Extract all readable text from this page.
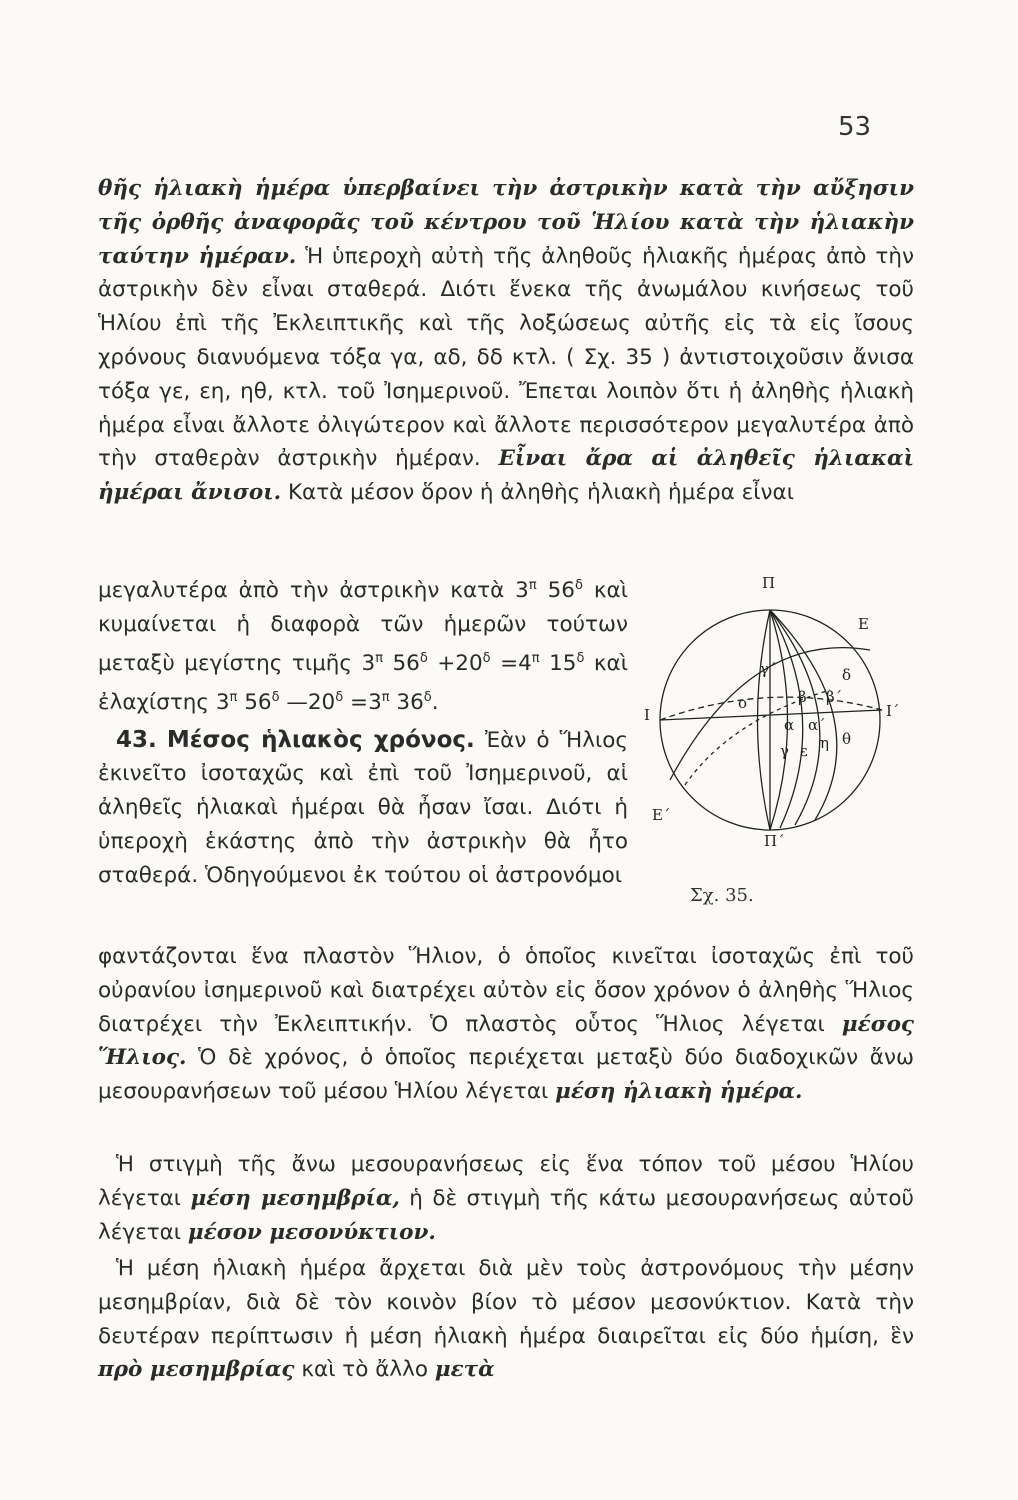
53

θῆς ἡλιακὴ ἡμέρα ὑπερβαίνει τὴν ἀστρικὴν κατὰ τὴν αὔξησιν τῆς ὀρθῆς ἀναφορᾶς τοῦ κέντρου τοῦ Ἡλίου κατὰ τὴν ἡλιακὴν ταύτην ἡμέραν. Ἡ ὑπεροχὴ αὐτὴ τῆς ἀληθοῦς ἡλιακῆς ἡμέρας ἀπὸ τὴν ἀστρικὴν δὲν εἶναι σταθερά. Διότι ἕνεκα τῆς ἀνωμάλου κινήσεως τοῦ Ἡλίου ἐπὶ τῆς Ἐκλειπτικῆς καὶ τῆς λοξώσεως αὐτῆς εἰς τὰ εἰς ἴσους χρόνους διανυόμενα τόξα γα, αδ, δδ κτλ. ( Σχ. 35 ) ἀντιστοιχοῦσιν ἄνισα τόξα γε, εη, ηθ, κτλ. τοῦ Ἰσημερινοῦ. Ἔπεται λοιπὸν ὅτι ἡ ἀληθὴς ἡλιακὴ ἡμέρα εἶναι ἄλλοτε ὀλιγώτερον καὶ ἄλλοτε περισσότερον μεγαλυτέρα ἀπὸ τὴν σταθερὰν ἀστρικὴν ἡμέραν. Εἶναι ἄρα αἱ ἀληθεῖς ἡλιακαὶ ἡμέραι ἄνισοι. Κατὰ μέσον ὅρον ἡ ἀληθὴς ἡλιακὴ ἡμέρα εἶναι

μεγαλυτέρα ἀπὸ τὴν ἀστρικὴν κατὰ $3^\pi$ $56^\delta$ καὶ κυμαίνεται ἡ διαφορὰ τῶν ἡμερῶν τούτων μεταξὺ μεγίστης τιμῆς $3^\pi$ $56^\delta +20^\delta =4^\pi$ $15^\delta$ καὶ ἐλαχίστης $3^\pi$ $56^\delta$ $—20^\delta =3^\pi$ $36^\delta$.

43. Μέσος ἡλιακὸς χρόνος. Ἐὰν ὁ Ἥλιος ἐκινεῖτο ἰσοταχῶς καὶ ἐπὶ τοῦ Ἰσημερινοῦ, αἱ ἀληθεῖς ἡλιακαὶ ἡμέραι θὰ ἦσαν ἴσαι. Διότι ἡ ὑπεροχὴ ἑκάστης ἀπὸ τὴν ἀστρικὴν θὰ ἦτο σταθερά. Ὁδηγούμενοι ἐκ τούτου οἱ ἀστρονόμοι

Π
Ε
Ι	Ι΄
γ΄
ο	β β΄
δ
α α΄
γ ε η θ
Ε΄
Π΄
Σχ. 35.

φαντάζονται ἕνα πλαστὸν Ἥλιον, ὁ ὁποῖος κινεῖται ἰσοταχῶς ἐπὶ τοῦ οὐρανίου ἰσημερινοῦ καὶ διατρέχει αὐτὸν εἰς ὅσον χρόνον ὁ ἀληθὴς Ἥλιος διατρέχει τὴν Ἐκλειπτικήν. Ὁ πλαστὸς οὗτος Ἥλιος λέγεται μέσος Ἥλιος. Ὁ δὲ χρόνος, ὁ ὁποῖος περιέχεται μεταξὺ δύο διαδοχικῶν ἄνω μεσουρανήσεων τοῦ μέσου Ἡλίου λέγεται μέση ἡλιακὴ ἡμέρα.

Ἡ στιγμὴ τῆς ἄνω μεσουρανήσεως εἰς ἕνα τόπον τοῦ μέσου Ἡλίου λέγεται μέση μεσημβρία, ἡ δὲ στιγμὴ τῆς κάτω μεσουρανήσεως αὐτοῦ λέγεται μέσον μεσονύκτιον.

Ἡ μέση ἡλιακὴ ἡμέρα ἄρχεται διὰ μὲν τοὺς ἀστρονόμους τὴν μέσην μεσημβρίαν, διὰ δὲ τὸν κοινὸν βίον τὸ μέσον μεσονύκτιον. Κατὰ τὴν δευτέραν περίπτωσιν ἡ μέση ἡλιακὴ ἡμέρα διαιρεῖται εἰς δύο ἡμίση, ἓν πρὸ μεσημβρίας καὶ τὸ ἄλλο μετὰ
